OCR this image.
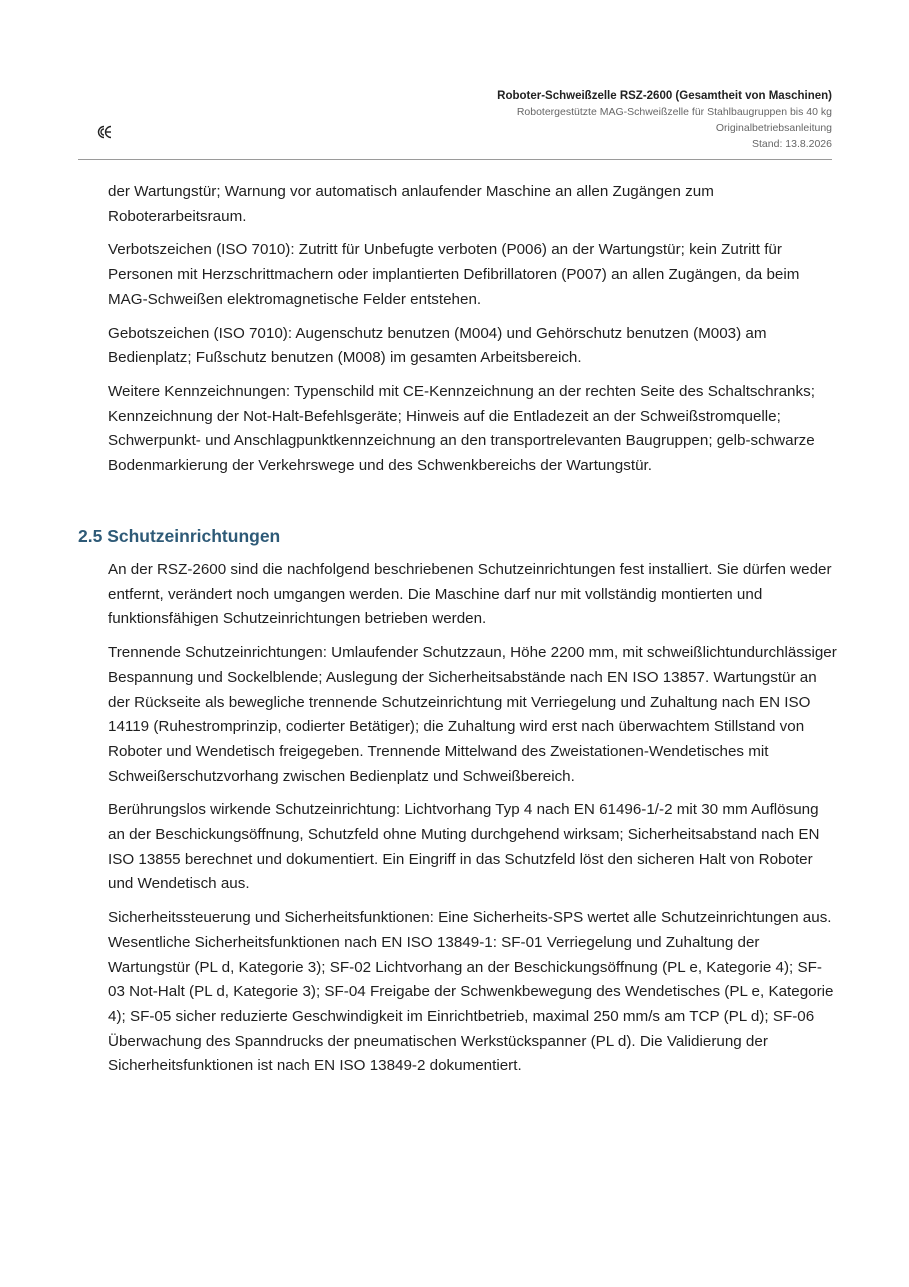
Roboter-Schweißzelle RSZ-2600 (Gesamtheit von Maschinen)
Robotergestützte MAG-Schweißzelle für Stahlbaugruppen bis 40 kg
Originalbetriebsanleitung
Stand: 13.8.2026

der Wartungstür; Warnung vor automatisch anlaufender Maschine an allen Zugängen zum Roboterarbeitsraum.

Verbotszeichen (ISO 7010): Zutritt für Unbefugte verboten (P006) an der Wartungstür; kein Zutritt für Personen mit Herzschrittmachern oder implantierten Defibrillatoren (P007) an allen Zugängen, da beim MAG-Schweißen elektromagnetische Felder entstehen.

Gebotszeichen (ISO 7010): Augenschutz benutzen (M004) und Gehörschutz benutzen (M003) am Bedienplatz; Fußschutz benutzen (M008) im gesamten Arbeitsbereich.

Weitere Kennzeichnungen: Typenschild mit CE-Kennzeichnung an der rechten Seite des Schaltschranks; Kennzeichnung der Not-Halt-Befehlsgeräte; Hinweis auf die Entladezeit an der Schweißstromquelle; Schwerpunkt- und Anschlagpunktkennzeichnung an den transportrelevanten Baugruppen; gelb-schwarze Bodenmarkierung der Verkehrswege und des Schwenkbereichs der Wartungstür.

2.5 Schutzeinrichtungen

An der RSZ-2600 sind die nachfolgend beschriebenen Schutzeinrichtungen fest installiert. Sie dürfen weder entfernt, verändert noch umgangen werden. Die Maschine darf nur mit vollständig montierten und funktionsfähigen Schutzeinrichtungen betrieben werden.

Trennende Schutzeinrichtungen: Umlaufender Schutzzaun, Höhe 2200 mm, mit schweißlichtundurchlässiger Bespannung und Sockelblende; Auslegung der Sicherheitsabstände nach EN ISO 13857. Wartungstür an der Rückseite als bewegliche trennende Schutzeinrichtung mit Verriegelung und Zuhaltung nach EN ISO 14119 (Ruhestromprinzip, codierter Betätiger); die Zuhaltung wird erst nach überwachtem Stillstand von Roboter und Wendetisch freigegeben. Trennende Mittelwand des Zweistationen-Wendetisches mit Schweißerschutzvorhang zwischen Bedienplatz und Schweißbereich.

Berührungslos wirkende Schutzeinrichtung: Lichtvorhang Typ 4 nach EN 61496-1/-2 mit 30 mm Auflösung an der Beschickungsöffnung, Schutzfeld ohne Muting durchgehend wirksam; Sicherheitsabstand nach EN ISO 13855 berechnet und dokumentiert. Ein Eingriff in das Schutzfeld löst den sicheren Halt von Roboter und Wendetisch aus.

Sicherheitssteuerung und Sicherheitsfunktionen: Eine Sicherheits-SPS wertet alle Schutzeinrichtungen aus. Wesentliche Sicherheitsfunktionen nach EN ISO 13849-1: SF-01 Verriegelung und Zuhaltung der Wartungstür (PL d, Kategorie 3); SF-02 Lichtvorhang an der Beschickungsöffnung (PL e, Kategorie 4); SF-03 Not-Halt (PL d, Kategorie 3); SF-04 Freigabe der Schwenkbewegung des Wendetisches (PL e, Kategorie 4); SF-05 sicher reduzierte Geschwindigkeit im Einrichtbetrieb, maximal 250 mm/s am TCP (PL d); SF-06 Überwachung des Spanndrucks der pneumatischen Werkstückspanner (PL d). Die Validierung der Sicherheitsfunktionen ist nach EN ISO 13849-2 dokumentiert.
